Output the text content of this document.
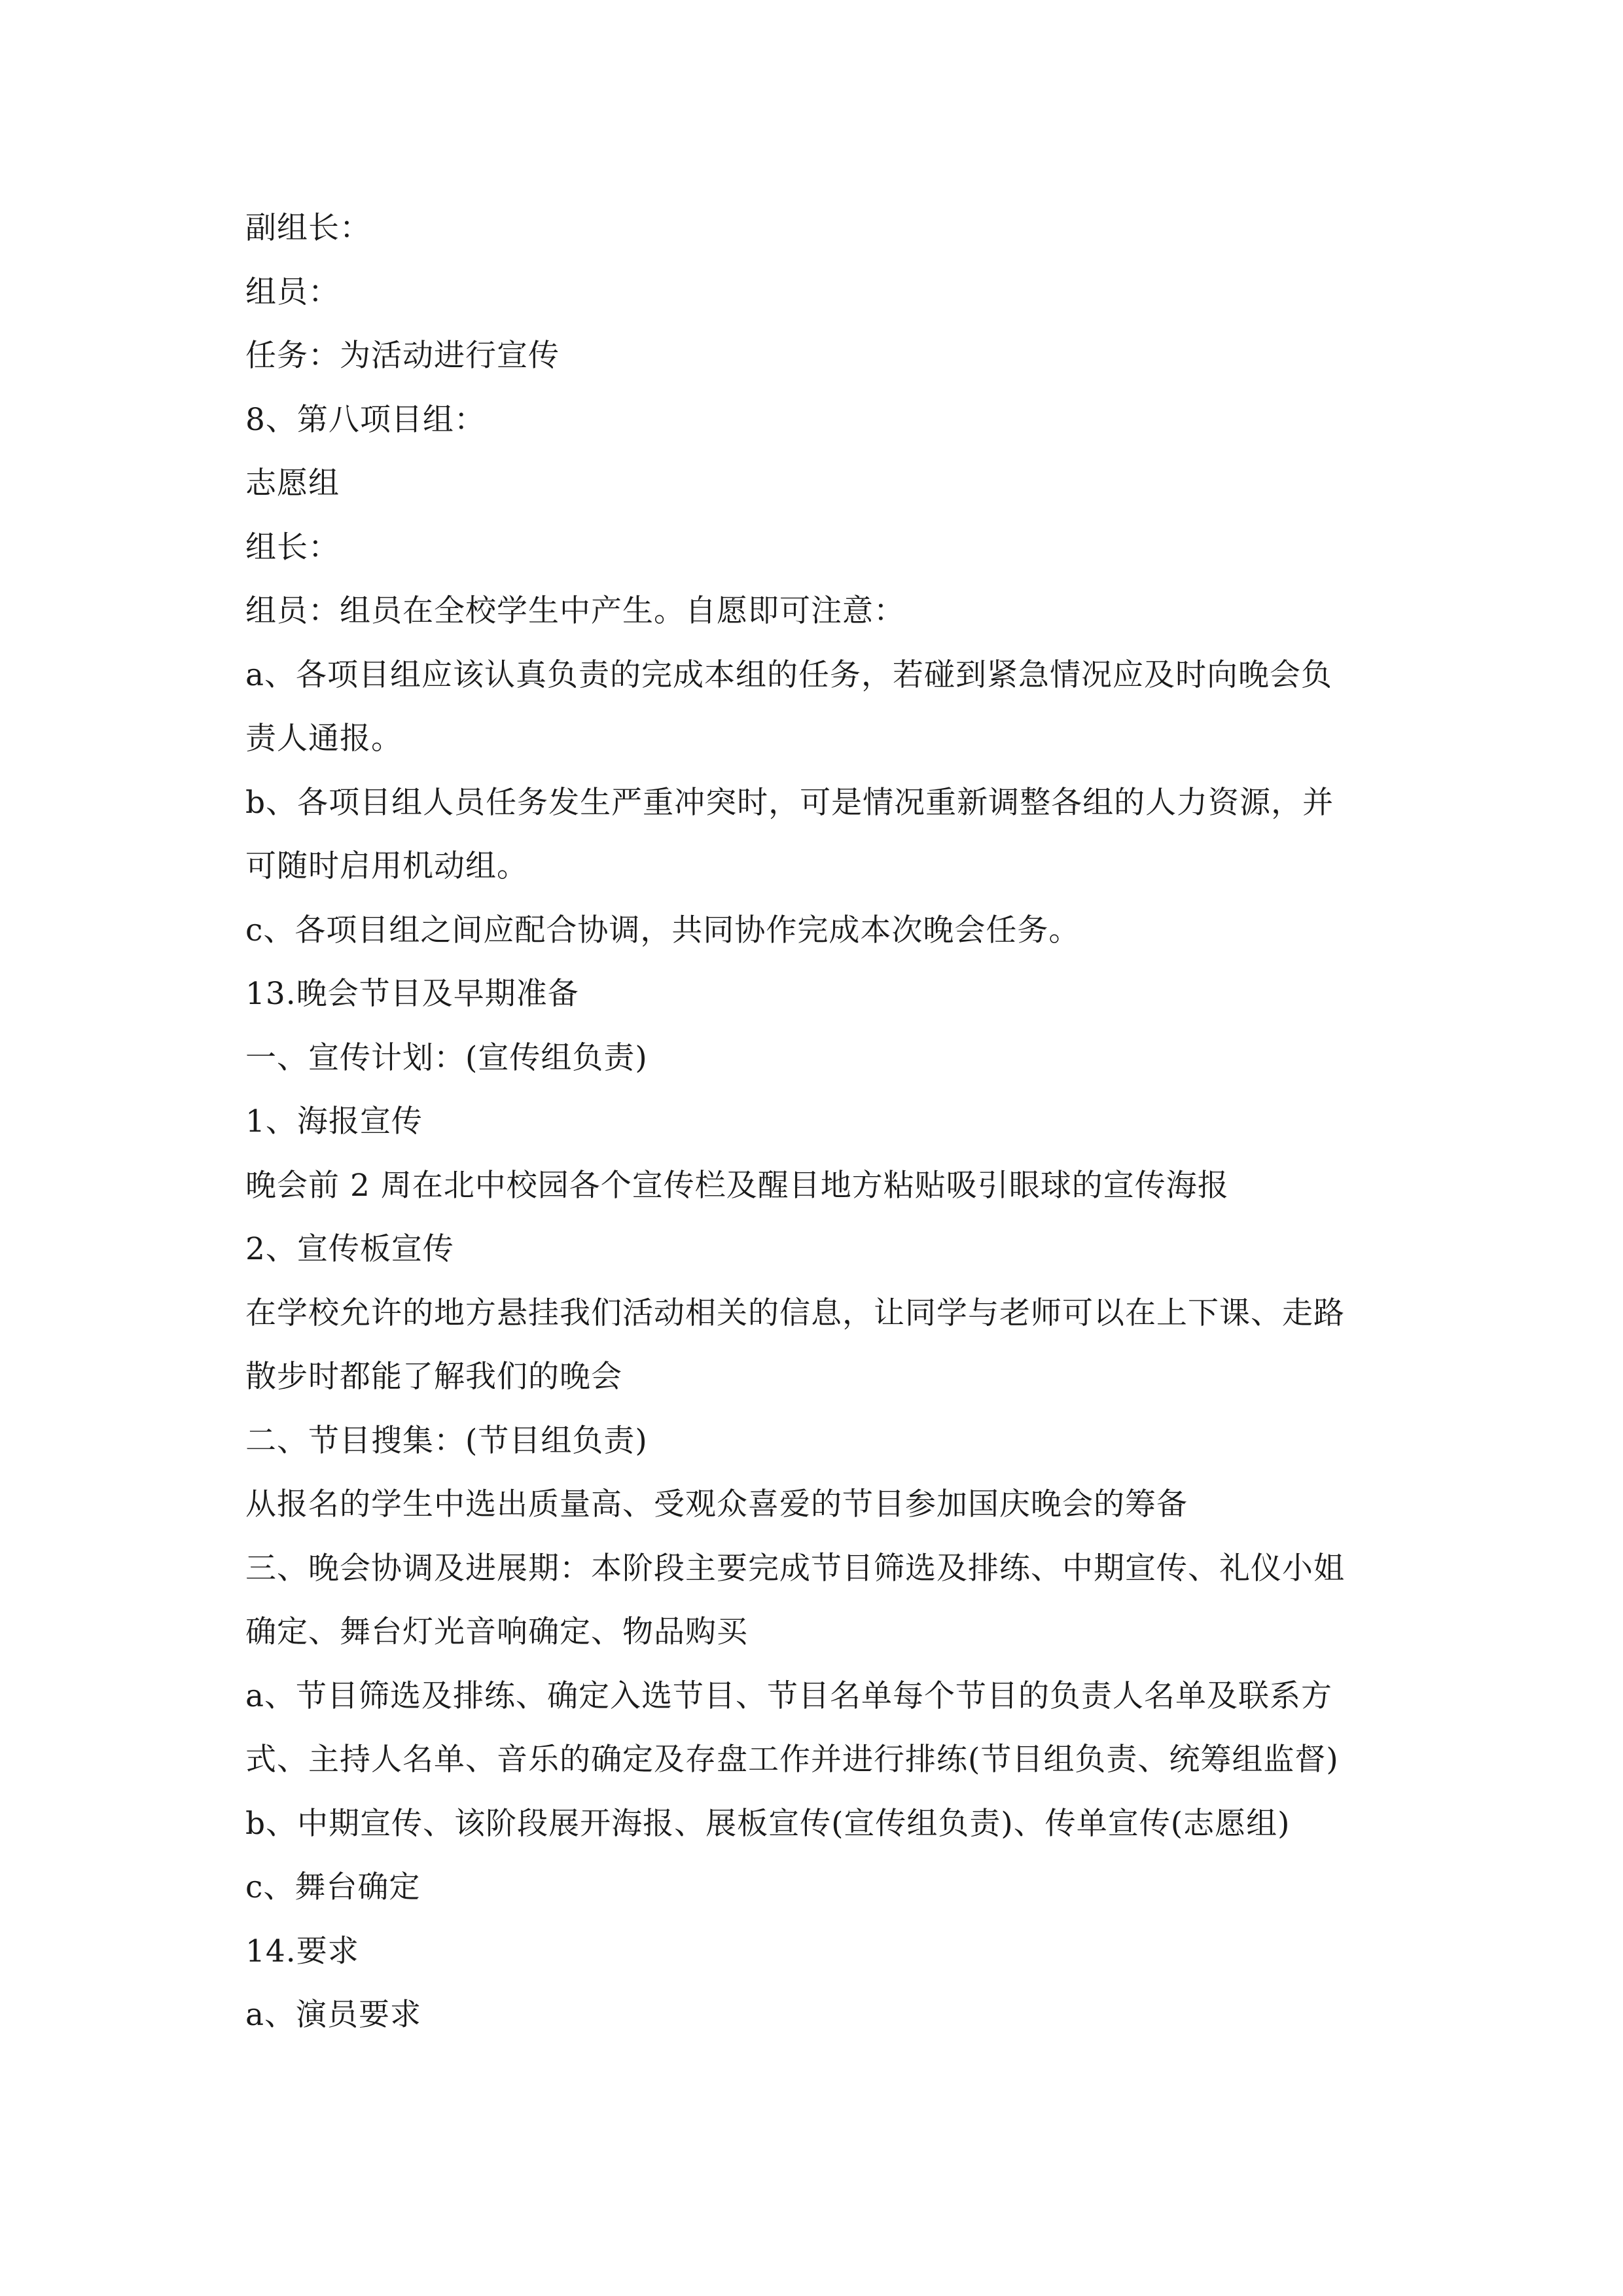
副组长：
组员：
任务：为活动进行宣传
8、第八项目组：
志愿组
组长：
组员：组员在全校学生中产生。自愿即可注意：
a、各项目组应该认真负责的完成本组的任务，若碰到紧急情况应及时向晚会负
责人通报。
b、各项目组人员任务发生严重冲突时，可是情况重新调整各组的人力资源，并
可随时启用机动组。
c、各项目组之间应配合协调，共同协作完成本次晚会任务。
13.晚会节目及早期准备
一、宣传计划：(宣传组负责)
1、海报宣传
晚会前 2 周在北中校园各个宣传栏及醒目地方粘贴吸引眼球的宣传海报
2、宣传板宣传
在学校允许的地方悬挂我们活动相关的信息，让同学与老师可以在上下课、走路
散步时都能了解我们的晚会
二、节目搜集：(节目组负责)
从报名的学生中选出质量高、受观众喜爱的节目参加国庆晚会的筹备
三、晚会协调及进展期：本阶段主要完成节目筛选及排练、中期宣传、礼仪小姐
确定、舞台灯光音响确定、物品购买
a、节目筛选及排练、确定入选节目、节目名单每个节目的负责人名单及联系方
式、主持人名单、音乐的确定及存盘工作并进行排练(节目组负责、统筹组监督)
b、中期宣传、该阶段展开海报、展板宣传(宣传组负责)、传单宣传(志愿组)
c、舞台确定
14.要求
a、演员要求
